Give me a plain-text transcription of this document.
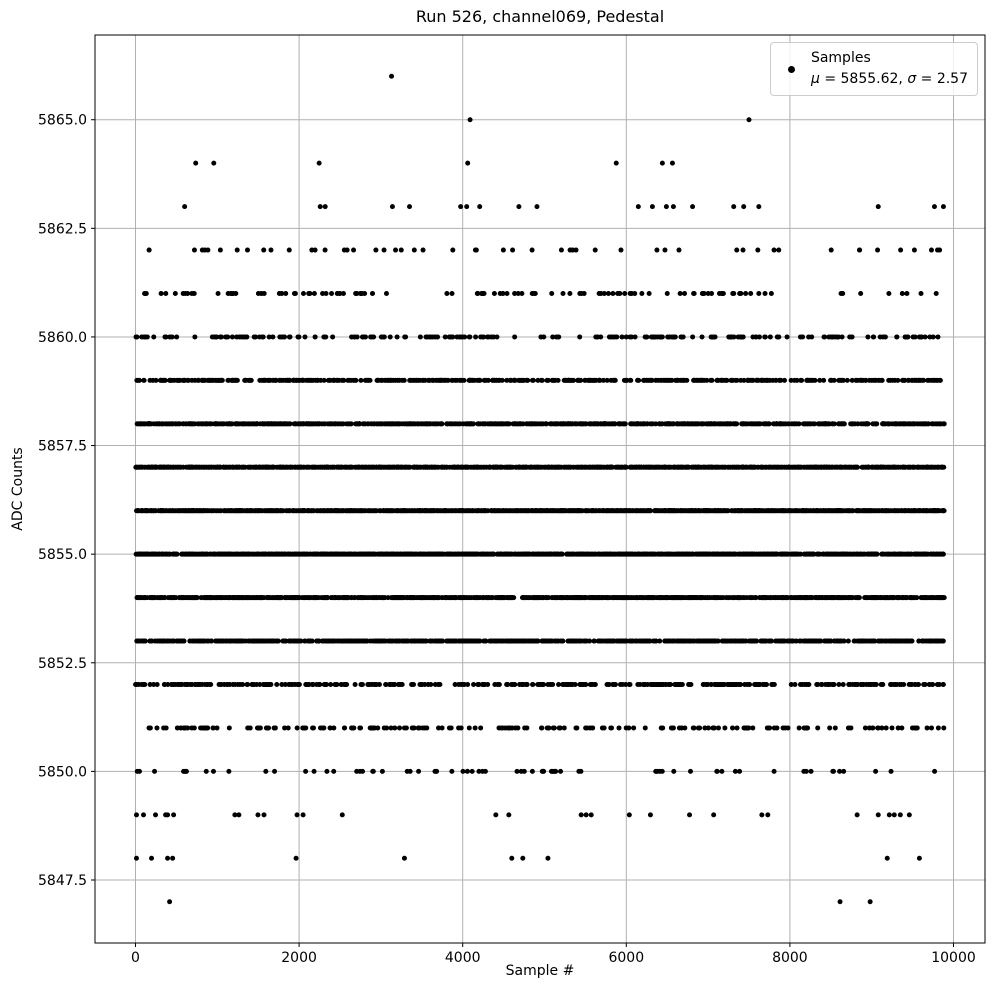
0	2000	4000	6000	8000	10000
5847.5
5850.0
5852.5
5855.0
5857.5
5860.0
5862.5
5865.0
Run 526, channel069, Pedestal
Sample #
ADC Counts
Samples
μ = 5855.62, σ = 2.57
